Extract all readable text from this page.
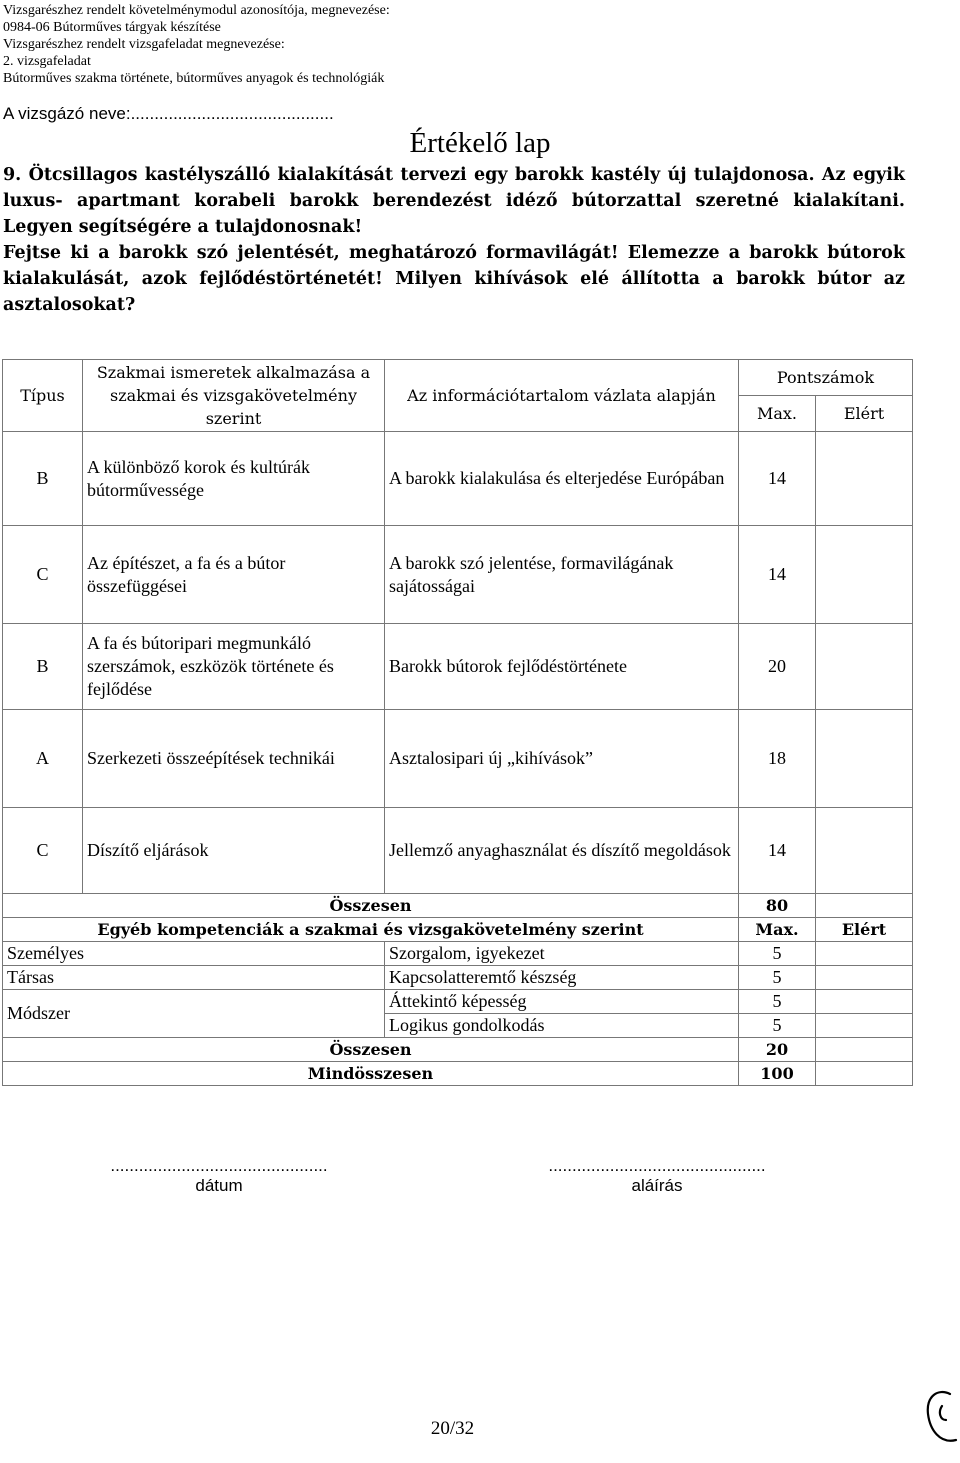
Vizsgarészhez rendelt követelménymodul azonosítója, megnevezése:
0984-06 Bútorműves tárgyak készítése
Vizsgarészhez rendelt vizsgafeladat megnevezése:
2. vizsgafeladat
Bútorműves szakma története, bútorműves anyagok és technológiák
A vizsgázó neve:...........................................
Értékelő lap

9. Ötcsillagos kastélyszálló kialakítását tervezi egy barokk kastély új tulajdonosa. Az egyik luxus- apartmant korabeli barokk berendezést idéző bútorzattal szeretné kialakítani. Legyen segítségére a tulajdonosnak!

Fejtse ki a barokk szó jelentését, meghatározó formavilágát! Elemezze a barokk bútorok kialakulását, azok fejlődéstörténetét! Milyen kihívások elé állította a barokk bútor az asztalosokat?

Típus	Szakmai ismeretek alkalmazása a szakmai és vizsgakövetelmény szerint	Az információtartalom vázlata alapján	Pontszámok	
			Max.	Elért
B	A különböző korok és kultúrák bútorművessége	A barokk kialakulása és elterjedése Európában	14	
C	Az építészet, a fa és a bútor összefüggései	A barokk szó jelentése, formavilágának sajátosságai	14	
B	A fa és bútoripari megmunkáló szerszámok, eszközök története és fejlődése	Barokk bútorok fejlődéstörténete	20	
A	Szerkezeti összeépítések technikái	Asztalosipari új „kihívások”	18	
C	Díszítő eljárások	Jellemző anyaghasználat és díszítő megoldások	14	
Összesen			80	
Egyéb kompetenciák a szakmai és vizsgakövetelmény szerint			Max.	Elért
Személyes		Szorgalom, igyekezet	5	
Társas		Kapcsolatteremtő készség	5	
Módszer		Áttekintő képesség	5	
		Logikus gondolkodás	5	
Összesen			20	
Mindösszesen			100	
..............................................
dátum
..............................................
aláírás
20/32
